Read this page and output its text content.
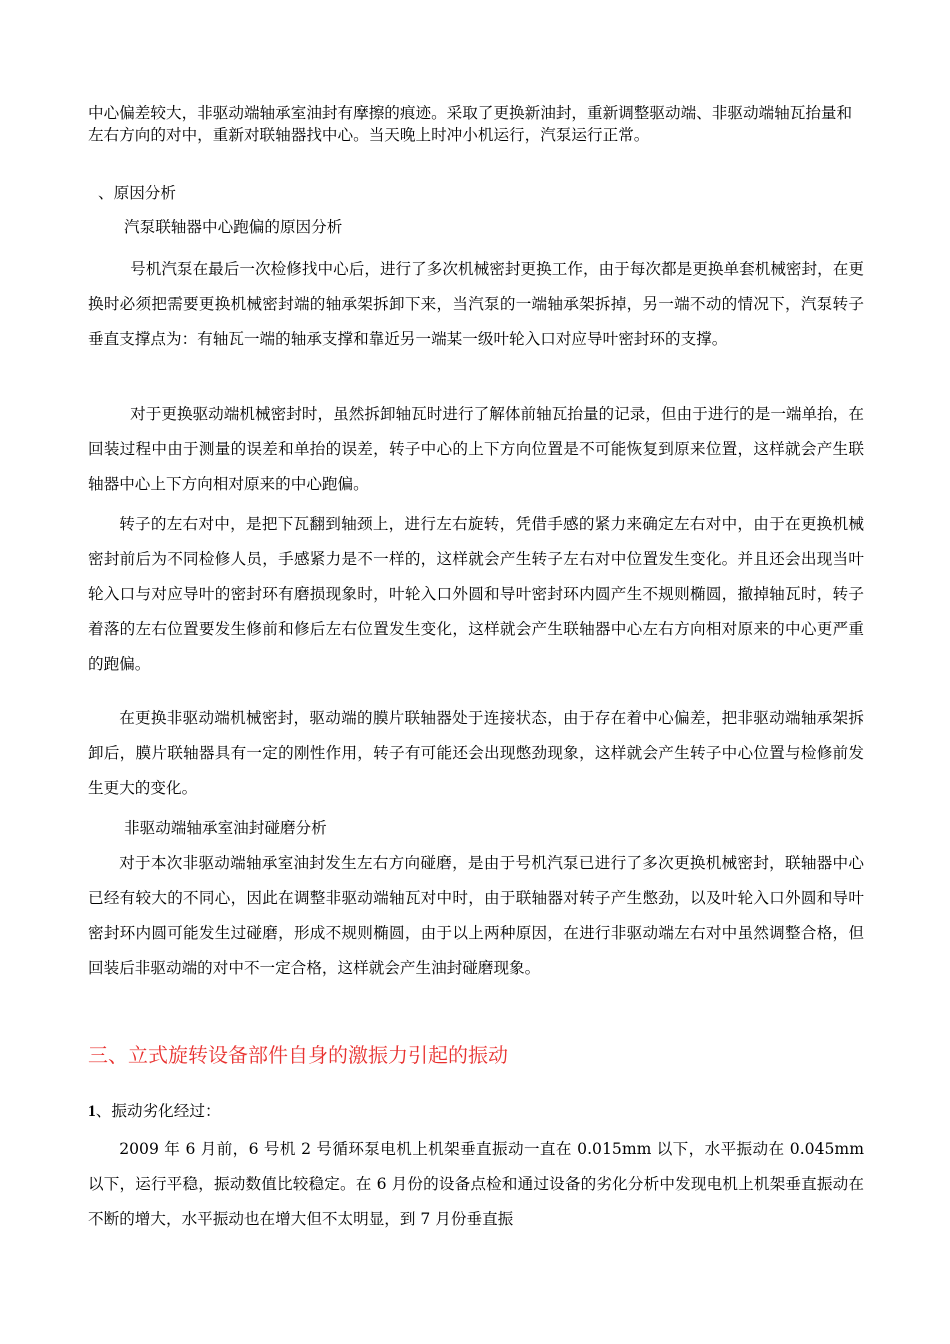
中心偏差较大，非驱动端轴承室油封有摩擦的痕迹。采取了更换新油封，重新调整驱动端、非驱动端轴瓦抬量和左右方向的对中，重新对联轴器找中心。当天晚上时冲小机运行，汽泵运行正常。
、原因分析
汽泵联轴器中心跑偏的原因分析
号机汽泵在最后一次检修找中心后，进行了多次机械密封更换工作，由于每次都是更换单套机械密封，在更换时必须把需要更换机械密封端的轴承架拆卸下来，当汽泵的一端轴承架拆掉，另一端不动的情况下，汽泵转子垂直支撑点为：有轴瓦一端的轴承支撑和靠近另一端某一级叶轮入口对应导叶密封环的支撑。
对于更换驱动端机械密封时，虽然拆卸轴瓦时进行了解体前轴瓦抬量的记录，但由于进行的是一端单抬，在回装过程中由于测量的误差和单抬的误差，转子中心的上下方向位置是不可能恢复到原来位置，这样就会产生联轴器中心上下方向相对原来的中心跑偏。
转子的左右对中，是把下瓦翻到轴颈上，进行左右旋转，凭借手感的紧力来确定左右对中，由于在更换机械密封前后为不同检修人员，手感紧力是不一样的，这样就会产生转子左右对中位置发生变化。并且还会出现当叶轮入口与对应导叶的密封环有磨损现象时，叶轮入口外圆和导叶密封环内圆产生不规则椭圆，撤掉轴瓦时，转子着落的左右位置要发生修前和修后左右位置发生变化，这样就会产生联轴器中心左右方向相对原来的中心更严重的跑偏。
在更换非驱动端机械密封，驱动端的膜片联轴器处于连接状态，由于存在着中心偏差，把非驱动端轴承架拆卸后，膜片联轴器具有一定的刚性作用，转子有可能还会出现憋劲现象，这样就会产生转子中心位置与检修前发生更大的变化。
非驱动端轴承室油封碰磨分析
对于本次非驱动端轴承室油封发生左右方向碰磨，是由于号机汽泵已进行了多次更换机械密封，联轴器中心已经有较大的不同心，因此在调整非驱动端轴瓦对中时，由于联轴器对转子产生憋劲，以及叶轮入口外圆和导叶密封环内圆可能发生过碰磨，形成不规则椭圆，由于以上两种原因，在进行非驱动端左右对中虽然调整合格，但回装后非驱动端的对中不一定合格，这样就会产生油封碰磨现象。
三、立式旋转设备部件自身的激振力引起的振动
1、振动劣化经过：
2009 年 6 月前，6 号机 2 号循环泵电机上机架垂直振动一直在 0.015mm 以下，水平振动在 0.045mm 以下，运行平稳，振动数值比较稳定。在 6 月份的设备点检和通过设备的劣化分析中发现电机上机架垂直振动在不断的增大，水平振动也在增大但不太明显，到 7 月份垂直振
